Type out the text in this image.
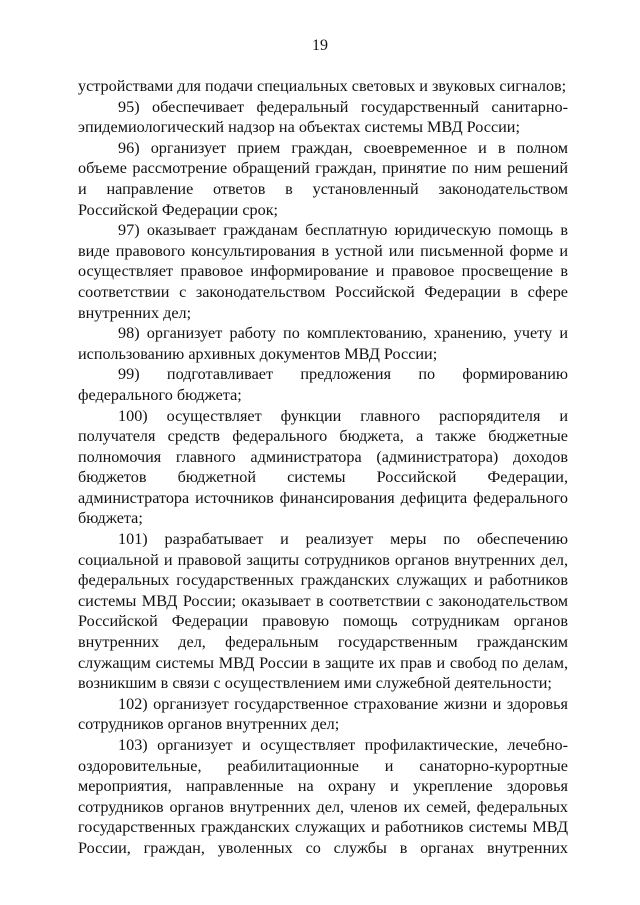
19

устройствами для подачи специальных световых и звуковых сигналов;

95) обеспечивает федеральный государственный санитарно-эпидемиологический надзор на объектах системы МВД России;

96) организует прием граждан, своевременное и в полном объеме рассмотрение обращений граждан, принятие по ним решений и направление ответов в установленный законодательством Российской Федерации срок;

97) оказывает гражданам бесплатную юридическую помощь в виде правового консультирования в устной или письменной форме и осуществляет правовое информирование и правовое просвещение в соответствии с законодательством Российской Федерации в сфере внутренних дел;

98) организует работу по комплектованию, хранению, учету и использованию архивных документов МВД России;

99) подготавливает предложения по формированию федерального бюджета;

100) осуществляет функции главного распорядителя и получателя средств федерального бюджета, а также бюджетные полномочия главного администратора (администратора) доходов бюджетов бюджетной системы Российской Федерации, администратора источников финансирования дефицита федерального бюджета;

101) разрабатывает и реализует меры по обеспечению социальной и правовой защиты сотрудников органов внутренних дел, федеральных государственных гражданских служащих и работников системы МВД России; оказывает в соответствии с законодательством Российской Федерации правовую помощь сотрудникам органов внутренних дел, федеральным государственным гражданским служащим системы МВД России в защите их прав и свобод по делам, возникшим в связи с осуществлением ими служебной деятельности;

102) организует государственное страхование жизни и здоровья сотрудников органов внутренних дел;

103) организует и осуществляет профилактические, лечебно-оздоровительные, реабилитационные и санаторно-курортные мероприятия, направленные на охрану и укрепление здоровья сотрудников органов внутренних дел, членов их семей, федеральных государственных гражданских служащих и работников системы МВД России, граждан, уволенных со службы в органах внутренних
